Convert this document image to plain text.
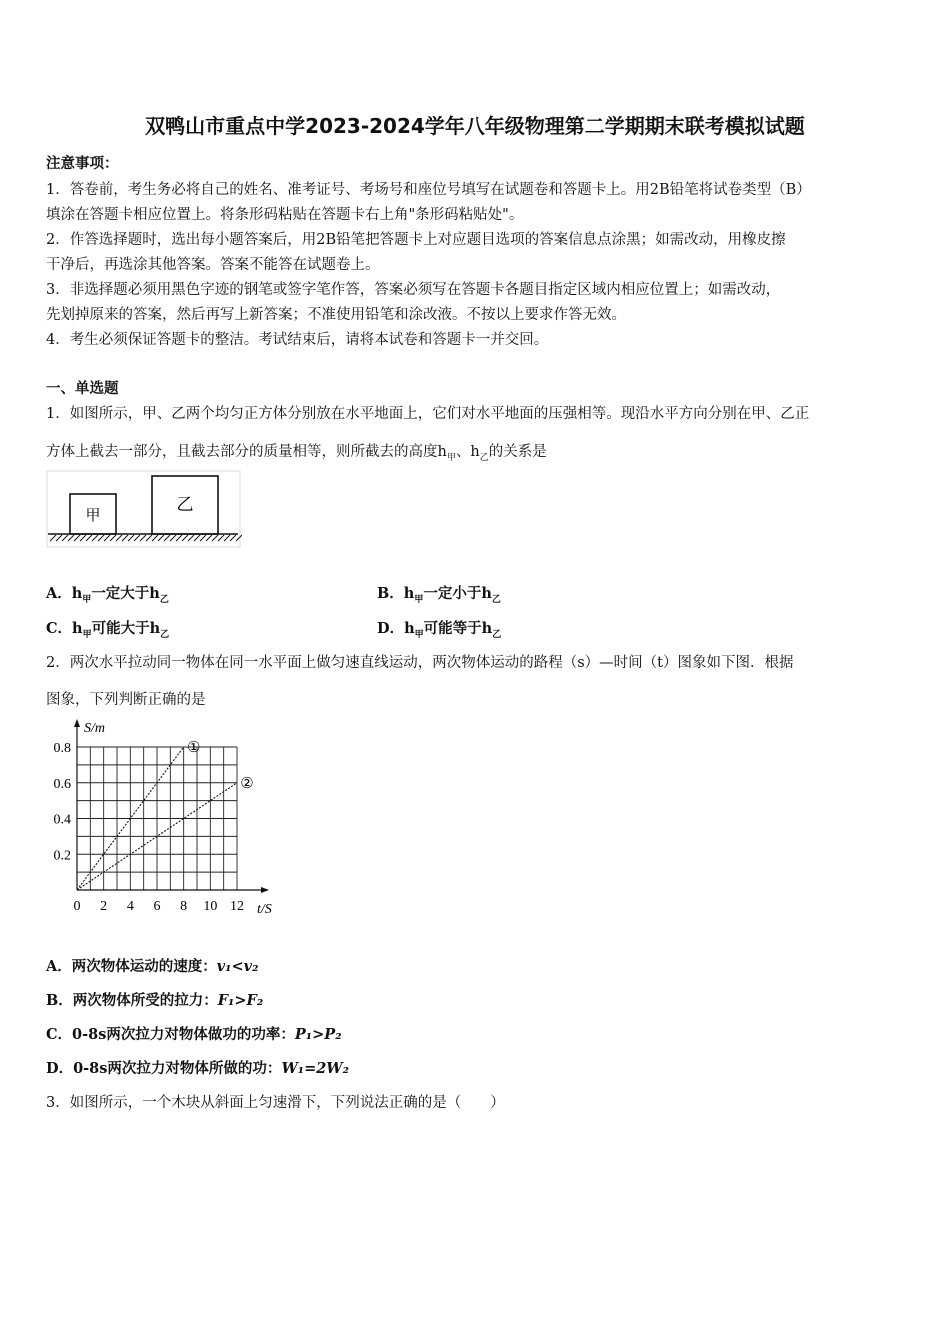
双鸭山市重点中学2023-2024学年八年级物理第二学期期末联考模拟试题
注意事项：
1．答卷前，考生务必将自己的姓名、准考证号、考场号和座位号填写在试题卷和答题卡上。用2B铅笔将试卷类型（B）
填涂在答题卡相应位置上。将条形码粘贴在答题卡右上角"条形码粘贴处"。
2．作答选择题时，选出每小题答案后，用2B铅笔把答题卡上对应题目选项的答案信息点涂黑；如需改动，用橡皮擦
干净后，再选涂其他答案。答案不能答在试题卷上。
3．非选择题必须用黑色字迹的钢笔或签字笔作答，答案必须写在答题卡各题目指定区域内相应位置上；如需改动，
先划掉原来的答案，然后再写上新答案；不准使用铅笔和涂改液。不按以上要求作答无效。
4．考生必须保证答题卡的整洁。考试结束后，请将本试卷和答题卡一并交回。
一、单选题
1．如图所示，甲、乙两个均匀正方体分别放在水平地面上，它们对水平地面的压强相等。现沿水平方向分别在甲、乙正
方体上截去一部分，且截去部分的质量相等，则所截去的高度$h_甲$、$h_乙$的关系是
甲
乙
A．$h_甲$一定大于$h_乙$	B．$h_甲$一定小于$h_乙$
C．$h_甲$可能大于$h_乙$	D．$h_甲$可能等于$h_乙$
2．两次水平拉动同一物体在同一水平面上做匀速直线运动，两次物体运动的路程（s）—时间（t）图象如下图．根据
图象，下列判断正确的是
S/m
t/S
0 2 4 6 8 10 12
0.2
0.4
0.6
0.8	①
②
A．两次物体运动的速度：v₁<v₂
B．两次物体所受的拉力：F₁>F₂
C．0-8s两次拉力对物体做功的功率：P₁>P₂
D．0-8s两次拉力对物体所做的功：W₁=2W₂
3．如图所示，一个木块从斜面上匀速滑下，下列说法正确的是（　　）
